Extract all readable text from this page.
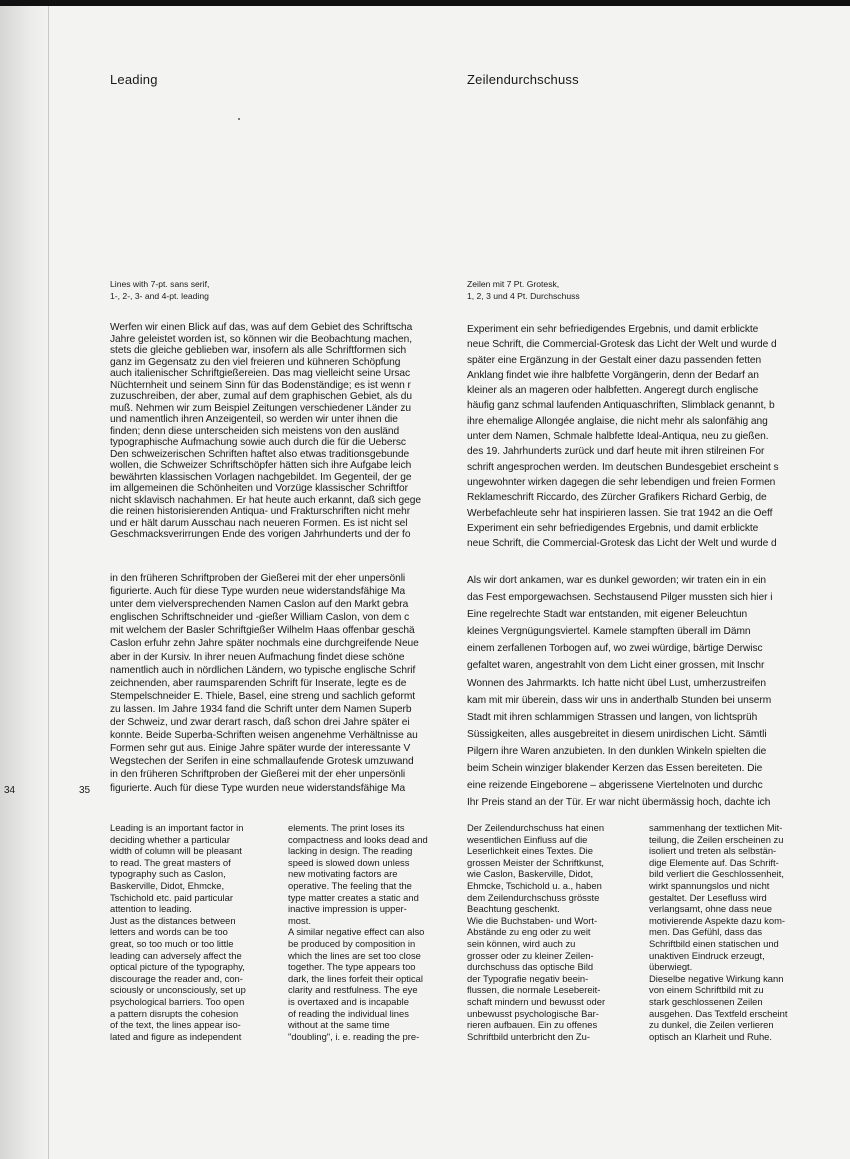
Leading	Zeilendurchschuss
Lines with 7-pt. sans serif,
1-, 2-, 3- and 4-pt. leading
Zeilen mit 7 Pt. Grotesk,
1, 2, 3 und 4 Pt. Durchschuss
Werfen wir einen Blick auf das, was auf dem Gebiet des Schriftscha
Jahre geleistet worden ist, so können wir die Beobachtung machen,
stets die gleiche geblieben war, insofern als alle Schriftformen sich
ganz im Gegensatz zu den viel freieren und kühneren Schöpfung
auch italienischer Schriftgießereien. Das mag vielleicht seine Ursac
Nüchternheit und seinem Sinn für das Bodenständige; es ist wenn r
zuzuschreiben, der aber, zumal auf dem graphischen Gebiet, als du
muß. Nehmen wir zum Beispiel Zeitungen verschiedener Länder zu
und namentlich ihren Anzeigenteil, so werden wir unter ihnen die
finden; denn diese unterscheiden sich meistens von den ausländ
typographische Aufmachung sowie auch durch die für die Uebersc
Den schweizerischen Schriften haftet also etwas traditionsgebunde
wollen, die Schweizer Schriftschöpfer hätten sich ihre Aufgabe leich
bewährten klassischen Vorlagen nachgebildet. Im Gegenteil, der ge
im allgemeinen die Schönheiten und Vorzüge klassischer Schriftfor
nicht sklavisch nachahmen. Er hat heute auch erkannt, daß sich gege
die reinen historisierenden Antiqua- und Frakturschriften nicht mehr
und er hält darum Ausschau nach neueren Formen. Es ist nicht sel
Geschmacksverirrungen Ende des vorigen Jahrhunderts und der fo
Experiment ein sehr befriedigendes Ergebnis, und damit erblickte
neue Schrift, die Commercial-Grotesk das Licht der Welt und wurde d
später eine Ergänzung in der Gestalt einer dazu passenden fetten
Anklang findet wie ihre halbfette Vorgängerin, denn der Bedarf an
kleiner als an mageren oder halbfetten. Angeregt durch englische
häufig ganz schmal laufenden Antiquaschriften, Slimblack genannt, b
ihre ehemalige Allongée anglaise, die nicht mehr als salonfähig ang
unter dem Namen, Schmale halbfette Ideal-Antiqua, neu zu gießen.
des 19. Jahrhunderts zurück und darf heute mit ihren stilreinen For
schrift angesprochen werden. Im deutschen Bundesgebiet erscheint s
ungewohnter wirken dagegen die sehr lebendigen und freien Formen
Reklameschrift Riccardo, des Zürcher Grafikers Richard Gerbig, de
Werbefachleute sehr hat inspirieren lassen. Sie trat 1942 an die Oeff
Experiment ein sehr befriedigendes Ergebnis, und damit erblickte
neue Schrift, die Commercial-Grotesk das Licht der Welt und wurde d
in den früheren Schriftproben der Gießerei mit der eher unpersönli
figurierte. Auch für diese Type wurden neue widerstandsfähige Ma
unter dem vielversprechenden Namen Caslon auf den Markt gebra
englischen Schriftschneider und -gießer William Caslon, von dem c
mit welchem der Basler Schriftgießer Wilhelm Haas offenbar geschä
Caslon erfuhr zehn Jahre später nochmals eine durchgreifende Neue
aber in der Kursiv. In ihrer neuen Aufmachung findet diese schöne
namentlich auch in nördlichen Ländern, wo typische englische Schrif
zeichnenden, aber raumsparenden Schrift für Inserate, legte es de
Stempelschneider E. Thiele, Basel, eine streng und sachlich geformt
zu lassen. Im Jahre 1934 fand die Schrift unter dem Namen Superb
der Schweiz, und zwar derart rasch, daß schon drei Jahre später ei
konnte. Beide Superba-Schriften weisen angenehme Verhältnisse au
Formen sehr gut aus. Einige Jahre später wurde der interessante V
Wegstechen der Serifen in eine schmallaufende Grotesk umzuwand
in den früheren Schriftproben der Gießerei mit der eher unpersönli
figurierte. Auch für diese Type wurden neue widerstandsfähige Ma
Als wir dort ankamen, war es dunkel geworden; wir traten ein in ein
das Fest emporgewachsen. Sechstausend Pilger mussten sich hier i
Eine regelrechte Stadt war entstanden, mit eigener Beleuchtun
kleines Vergnügungsviertel. Kamele stampften überall im Dämn
einem zerfallenen Torbogen auf, wo zwei würdige, bärtige Derwisc
gefaltet waren, angestrahlt von dem Licht einer grossen, mit Inschr
Wonnen des Jahrmarkts. Ich hatte nicht übel Lust, umherzustreifen
kam mit mir überein, dass wir uns in anderthalb Stunden bei unserm
Stadt mit ihren schlammigen Strassen und langen, von lichtsprüh
Süssigkeiten, alles ausgebreitet in diesem unirdischen Licht. Sämtli
Pilgern ihre Waren anzubieten. In den dunklen Winkeln spielten die
beim Schein winziger blakender Kerzen das Essen bereiteten. Die
eine reizende Eingeborene – abgerissene Viertelnoten und durchc
Ihr Preis stand an der Tür. Er war nicht übermässig hoch, dachte ich
34	35
Leading is an important factor in
deciding whether a particular
width of column will be pleasant
to read. The great masters of
typography such as Caslon,
Baskerville, Didot, Ehmcke,
Tschichold etc. paid particular
attention to leading.
Just as the distances between
letters and words can be too
great, so too much or too little
leading can adversely affect the
optical picture of the typography,
discourage the reader and, con-
sciously or unconsciously, set up
psychological barriers. Too open
a pattern disrupts the cohesion
of the text, the lines appear iso-
lated and figure as independent
elements. The print loses its
compactness and looks dead and
lacking in design. The reading
speed is slowed down unless
new motivating factors are
operative. The feeling that the
type matter creates a static and
inactive impression is upper-
most.
A similar negative effect can also
be produced by composition in
which the lines are set too close
together. The type appears too
dark, the lines forfeit their optical
clarity and restfulness. The eye
is overtaxed and is incapable
of reading the individual lines
without at the same time
"doubling", i. e. reading the pre-
Der Zeilendurchschuss hat einen
wesentlichen Einfluss auf die
Leserlichkeit eines Textes. Die
grossen Meister der Schriftkunst,
wie Caslon, Baskerville, Didot,
Ehmcke, Tschichold u. a., haben
dem Zeilendurchschuss grösste
Beachtung geschenkt.
Wie die Buchstaben- und Wort-
Abstände zu eng oder zu weit
sein können, wird auch zu
grosser oder zu kleiner Zeilen-
durchschuss das optische Bild
der Typografie negativ beein-
flussen, die normale Lesebereit-
schaft mindern und bewusst oder
unbewusst psychologische Bar-
rieren aufbauen. Ein zu offenes
Schriftbild unterbricht den Zu-
sammenhang der textlichen Mit-
teilung, die Zeilen erscheinen zu
isoliert und treten als selbstän-
dige Elemente auf. Das Schrift-
bild verliert die Geschlossenheit,
wirkt spannungslos und nicht
gestaltet. Der Lesefluss wird
verlangsamt, ohne dass neue
motivierende Aspekte dazu kom-
men. Das Gefühl, dass das
Schriftbild einen statischen und
unaktiven Eindruck erzeugt,
überwiegt.
Dieselbe negative Wirkung kann
von einem Schriftbild mit zu
stark geschlossenen Zeilen
ausgehen. Das Textfeld erscheint
zu dunkel, die Zeilen verlieren
optisch an Klarheit und Ruhe.
